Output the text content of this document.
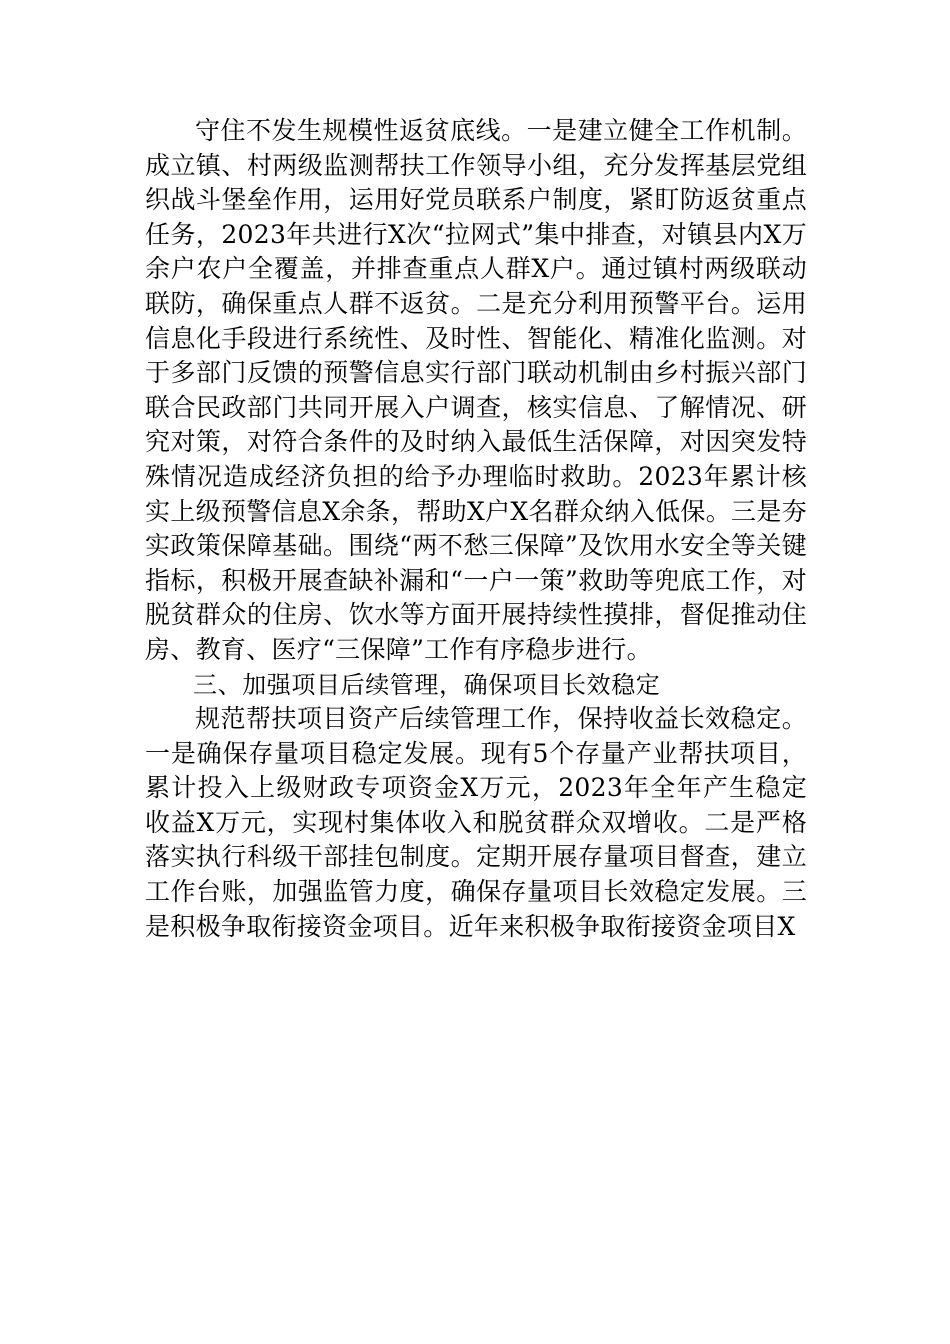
守住不发生规模性返贫底线。一是建立健全工作机制。成立镇、村两级监测帮扶工作领导小组，充分发挥基层党组织战斗堡垒作用，运用好党员联系户制度，紧盯防返贫重点任务，2023年共进行X次“拉网式”集中排查，对镇县内X万余户农户全覆盖，并排查重点人群X户。通过镇村两级联动联防，确保重点人群不返贫。二是充分利用预警平台。运用信息化手段进行系统性、及时性、智能化、精准化监测。对于多部门反馈的预警信息实行部门联动机制由乡村振兴部门联合民政部门共同开展入户调查，核实信息、了解情况、研究对策，对符合条件的及时纳入最低生活保障，对因突发特殊情况造成经济负担的给予办理临时救助。2023年累计核实上级预警信息X余条，帮助X户X名群众纳入低保。三是夯实政策保障基础。围绕“两不愁三保障”及饮用水安全等关键指标，积极开展查缺补漏和“一户一策”救助等兜底工作，对脱贫群众的住房、饮水等方面开展持续性摸排，督促推动住房、教育、医疗“三保障”工作有序稳步进行。

三、加强项目后续管理，确保项目长效稳定

规范帮扶项目资产后续管理工作，保持收益长效稳定。一是确保存量项目稳定发展。现有5个存量产业帮扶项目，累计投入上级财政专项资金X万元，2023年全年产生稳定收益X万元，实现村集体收入和脱贫群众双增收。二是严格落实执行科级干部挂包制度。定期开展存量项目督查，建立工作台账，加强监管力度，确保存量项目长效稳定发展。三是积极争取衔接资金项目。近年来积极争取衔接资金项目X
